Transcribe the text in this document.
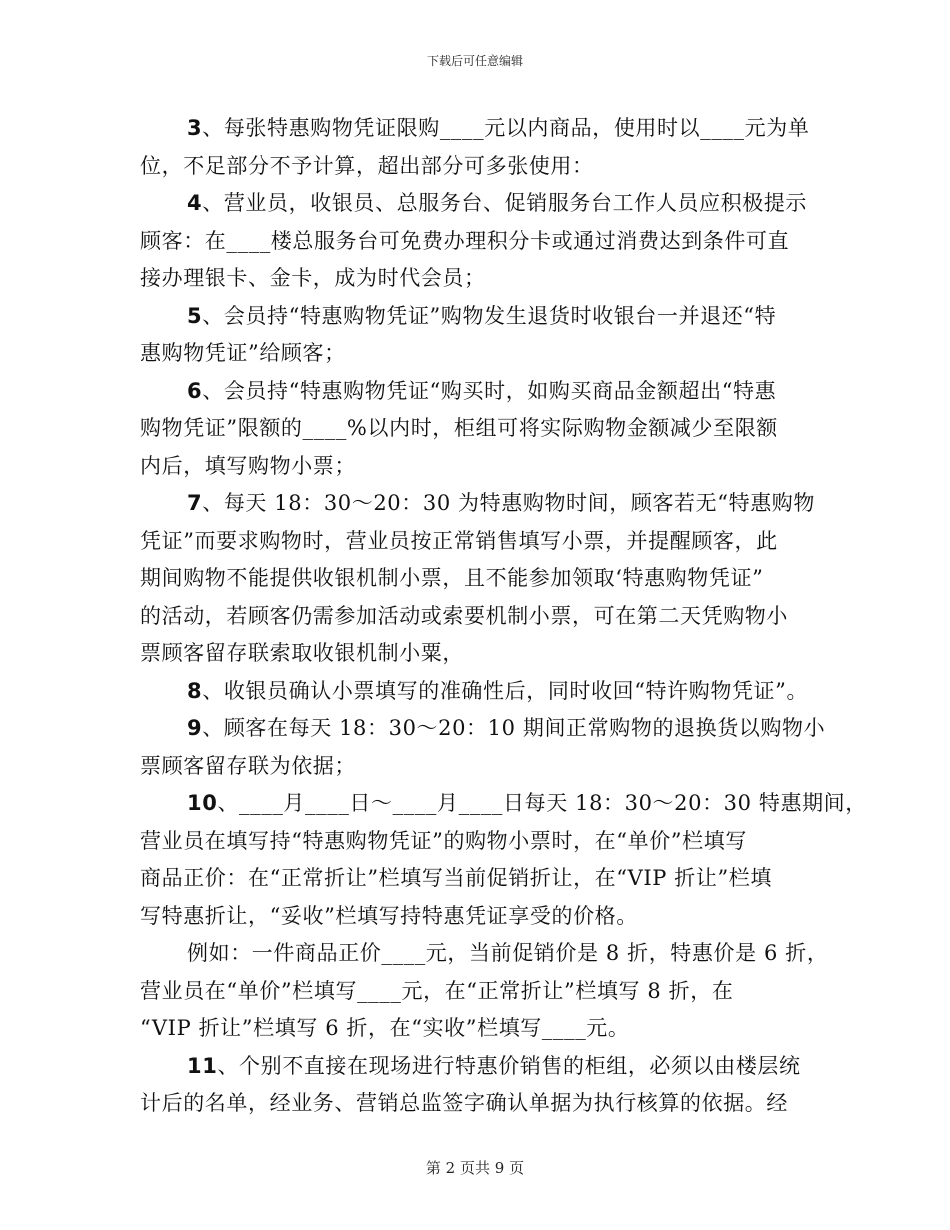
下载后可任意编辑
3、每张特惠购物凭证限购____元以内商品，使用时以____元为单
位，不足部分不予计算，超出部分可多张使用：
4、营业员，收银员、总服务台、促销服务台工作人员应积极提示
顾客：在____楼总服务台可免费办理积分卡或通过消费达到条件可直
接办理银卡、金卡，成为时代会员；
5、会员持“特惠购物凭证”购物发生退货时收银台一并退还“特
惠购物凭证”给顾客；
6、会员持“特惠购物凭证“购买时，如购买商品金额超出“特惠
购物凭证”限额的____%以内时，柜组可将实际购物金额减少至限额
内后，填写购物小票；
7、每天 18：30～20：30 为特惠购物时间，顾客若无“特惠购物
凭证”而要求购物时，营业员按正常销售填写小票，并提醒顾客，此
期间购物不能提供收银机制小票，且不能参加领取‘特惠购物凭证”
的活动，若顾客仍需参加活动或索要机制小票，可在第二天凭购物小
票顾客留存联索取收银机制小粟，
8、收银员确认小票填写的准确性后，同时收回“特许购物凭证”。
9、顾客在每天 18：30～20：10 期间正常购物的退换货以购物小
票顾客留存联为依据；
10、____月____日～____月____日每天 18：30～20：30 特惠期间，
营业员在填写持“特惠购物凭证”的购物小票时，在“单价”栏填写
商品正价：在“正常折让”栏填写当前促销折让，在“VIP 折让”栏填
写特惠折让，“妥收”栏填写持特惠凭证享受的价格。
例如：一件商品正价____元，当前促销价是 8 折，特惠价是 6 折，
营业员在“单价”栏填写____元，在“正常折让”栏填写 8 折，在
“VIP 折让”栏填写 6 折，在“实收”栏填写____元。
11、个别不直接在现场进行特惠价销售的柜组，必须以由楼层统
计后的名单，经业务、营销总监签字确认单据为执行核算的依据。经
第 2 页共 9 页
